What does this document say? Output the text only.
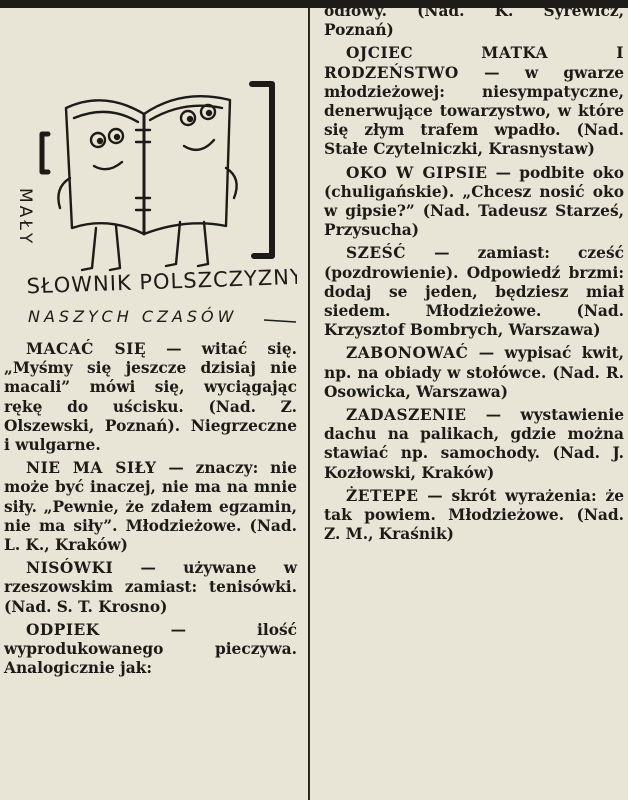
MAŁY
SŁOWNIK POLSZCZYZNY
NASZYCH CZASÓW

MACAĆ SIĘ — witać się. „Myśmy się jeszcze dzisiaj nie macali” mówi się, wyciągając rękę do uścisku. (Nad. Z. Olszewski, Poznań). Niegrzeczne i wulgarne.

NIE MA SIŁY — znaczy: nie może być inaczej, nie ma na mnie siły. „Pewnie, że zdałem egzamin, nie ma siły”. Młodzieżowe. (Nad. L. K., Kraków)

NISÓWKI — używane w rzeszowskim zamiast: tenisówki. (Nad. S. T. Krosno)

ODPIEK — ilość wyprodukowanego pieczywa. Analogicznie jak:

odłowy. (Nad. K. Syrewicz, Poznań)

OJCIEC MATKA I RODZEŃSTWO — w gwarze młodzieżowej: niesympatyczne, denerwujące towarzystwo, w które się złym trafem wpadło. (Nad. Stałe Czytelniczki, Krasnystaw)

OKO W GIPSIE — podbite oko (chuligańskie). „Chcesz nosić oko w gipsie?” (Nad. Tadeusz Starześ, Przysucha)

SZEŚĆ — zamiast: cześć (pozdrowienie). Odpowiedź brzmi: dodaj se jeden, będziesz miał siedem. Młodzieżowe. (Nad. Krzysztof Bombrych, Warszawa)

ZABONOWAĆ — wypisać kwit, np. na obiady w stołówce. (Nad. R. Osowicka, Warszawa)

ZADASZENIE — wystawienie dachu na palikach, gdzie można stawiać np. samochody. (Nad. J. Kozłowski, Kraków)

ŻETEPE — skrót wyrażenia: że tak powiem. Młodzieżowe. (Nad. Z. M., Kraśnik)
